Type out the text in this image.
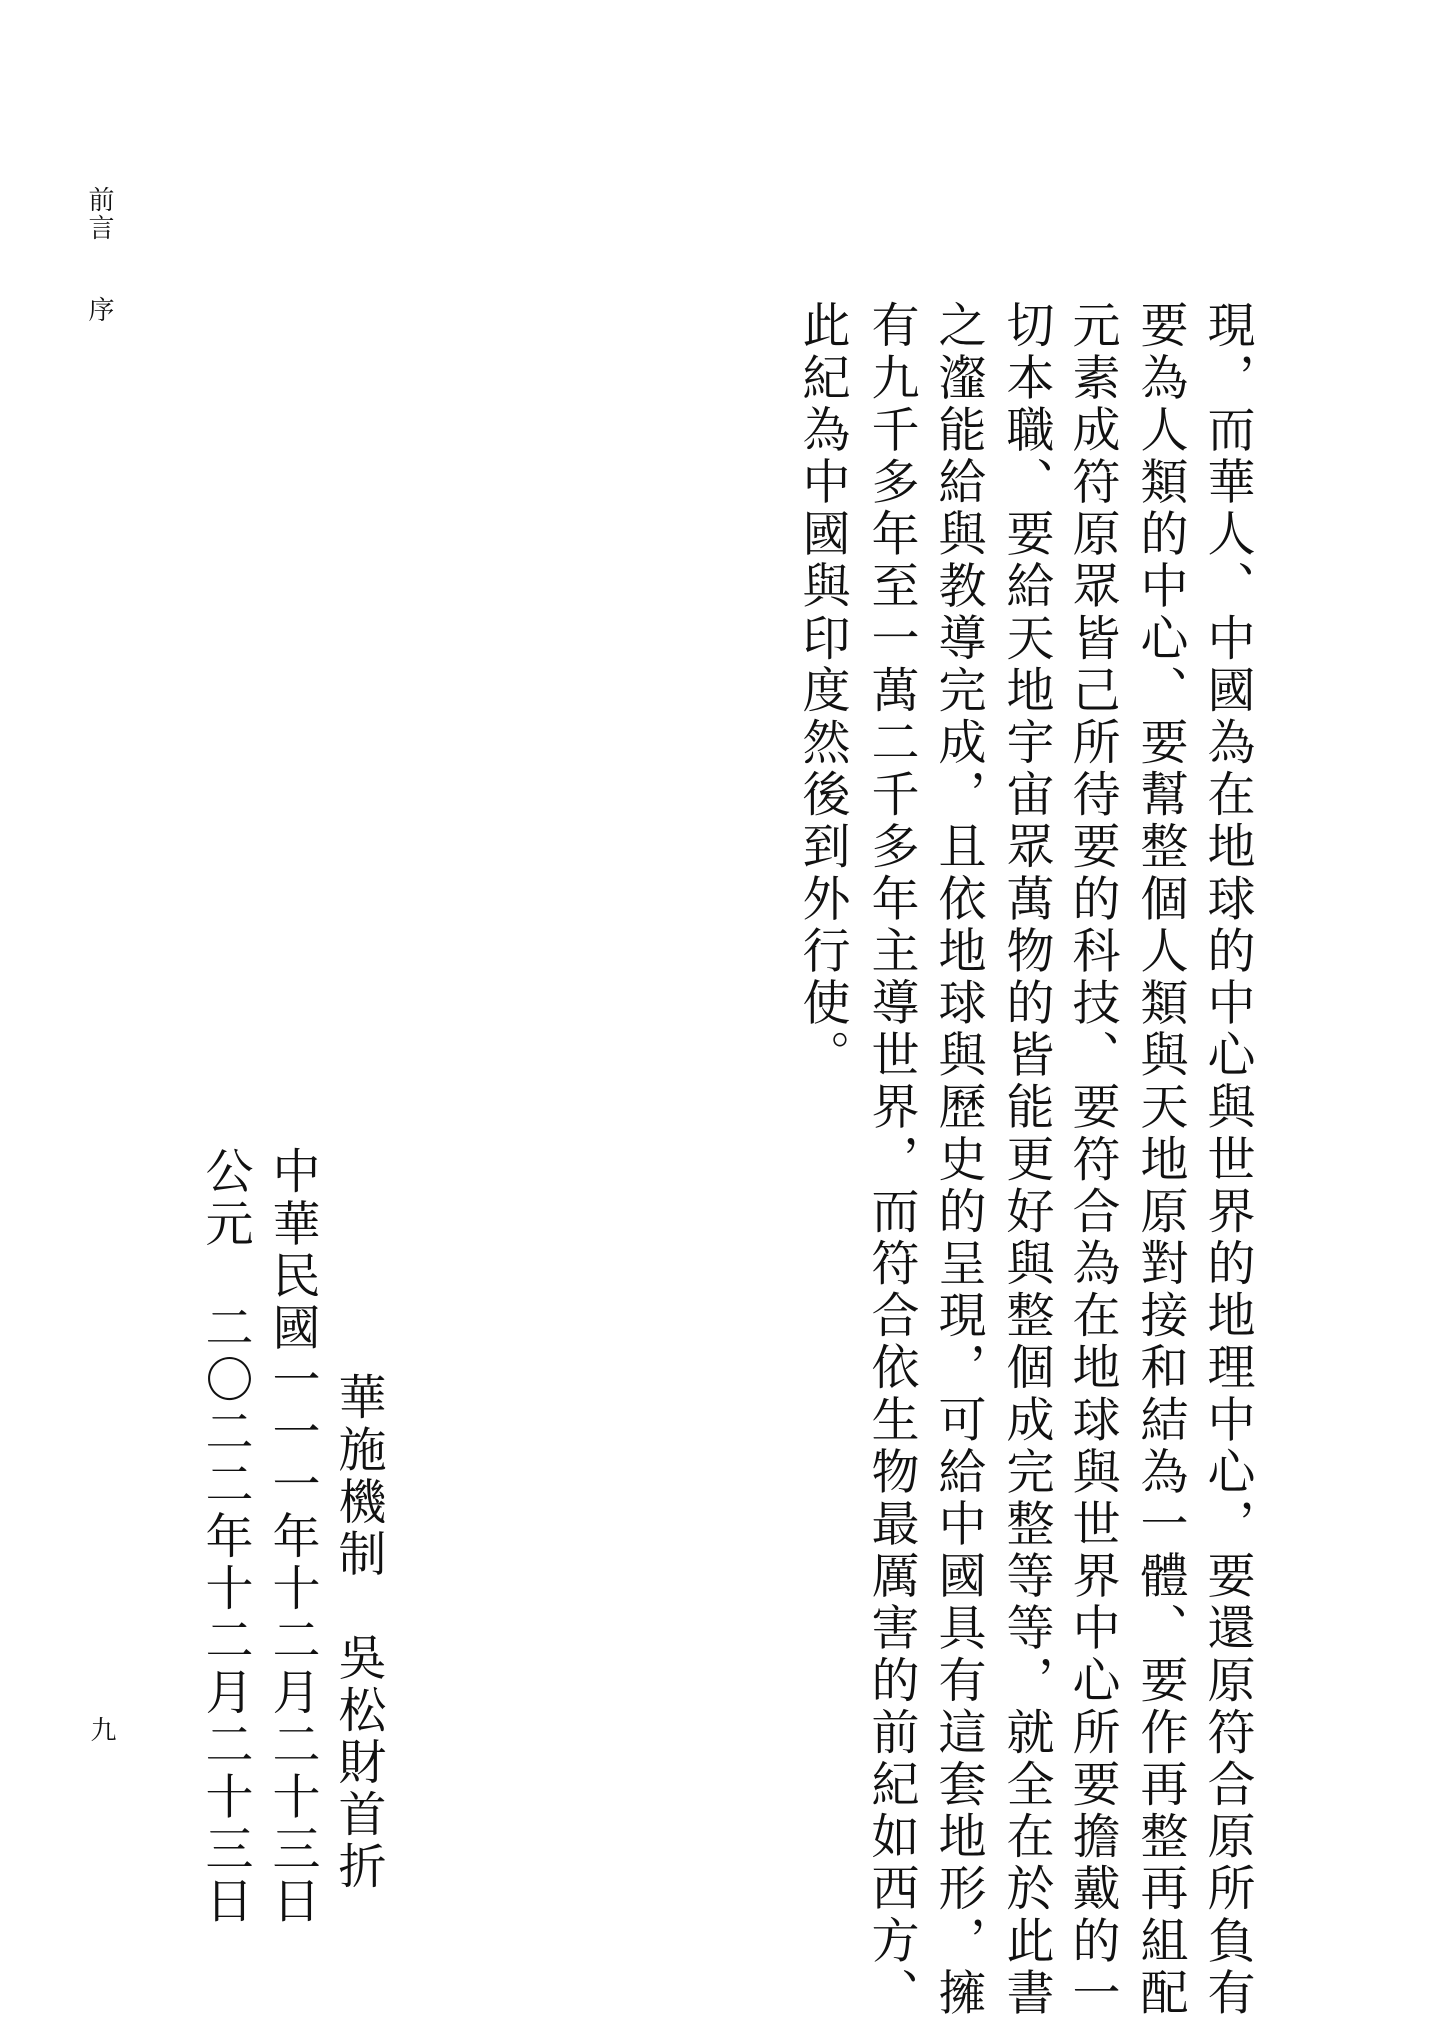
前言
序
九	現，而華人、中國為在地球的中心與世界的地理中心，要還原符合原所負有
要為人類的中心、要幫整個人類與天地原對接和結為一體、要作再整再組配
元素成符原眾皆己所待要的科技、要符合為在地球與世界中心所要擔戴的一
切本職、要給天地宇宙眾萬物的皆能更好與整個成完整等等，就全在於此書
之瀣能給與教導完成，且依地球與歷史的呈現，可給中國具有這套地形，擁
有九千多年至一萬二千多年主導世界，而符合依生物最厲害的前紀如西方、
此紀為中國與印度然後到外行使。
華施機制　吳松財首折
中華民國一一一年十二月二十三日
公元　二〇二二年十二月二十三日
